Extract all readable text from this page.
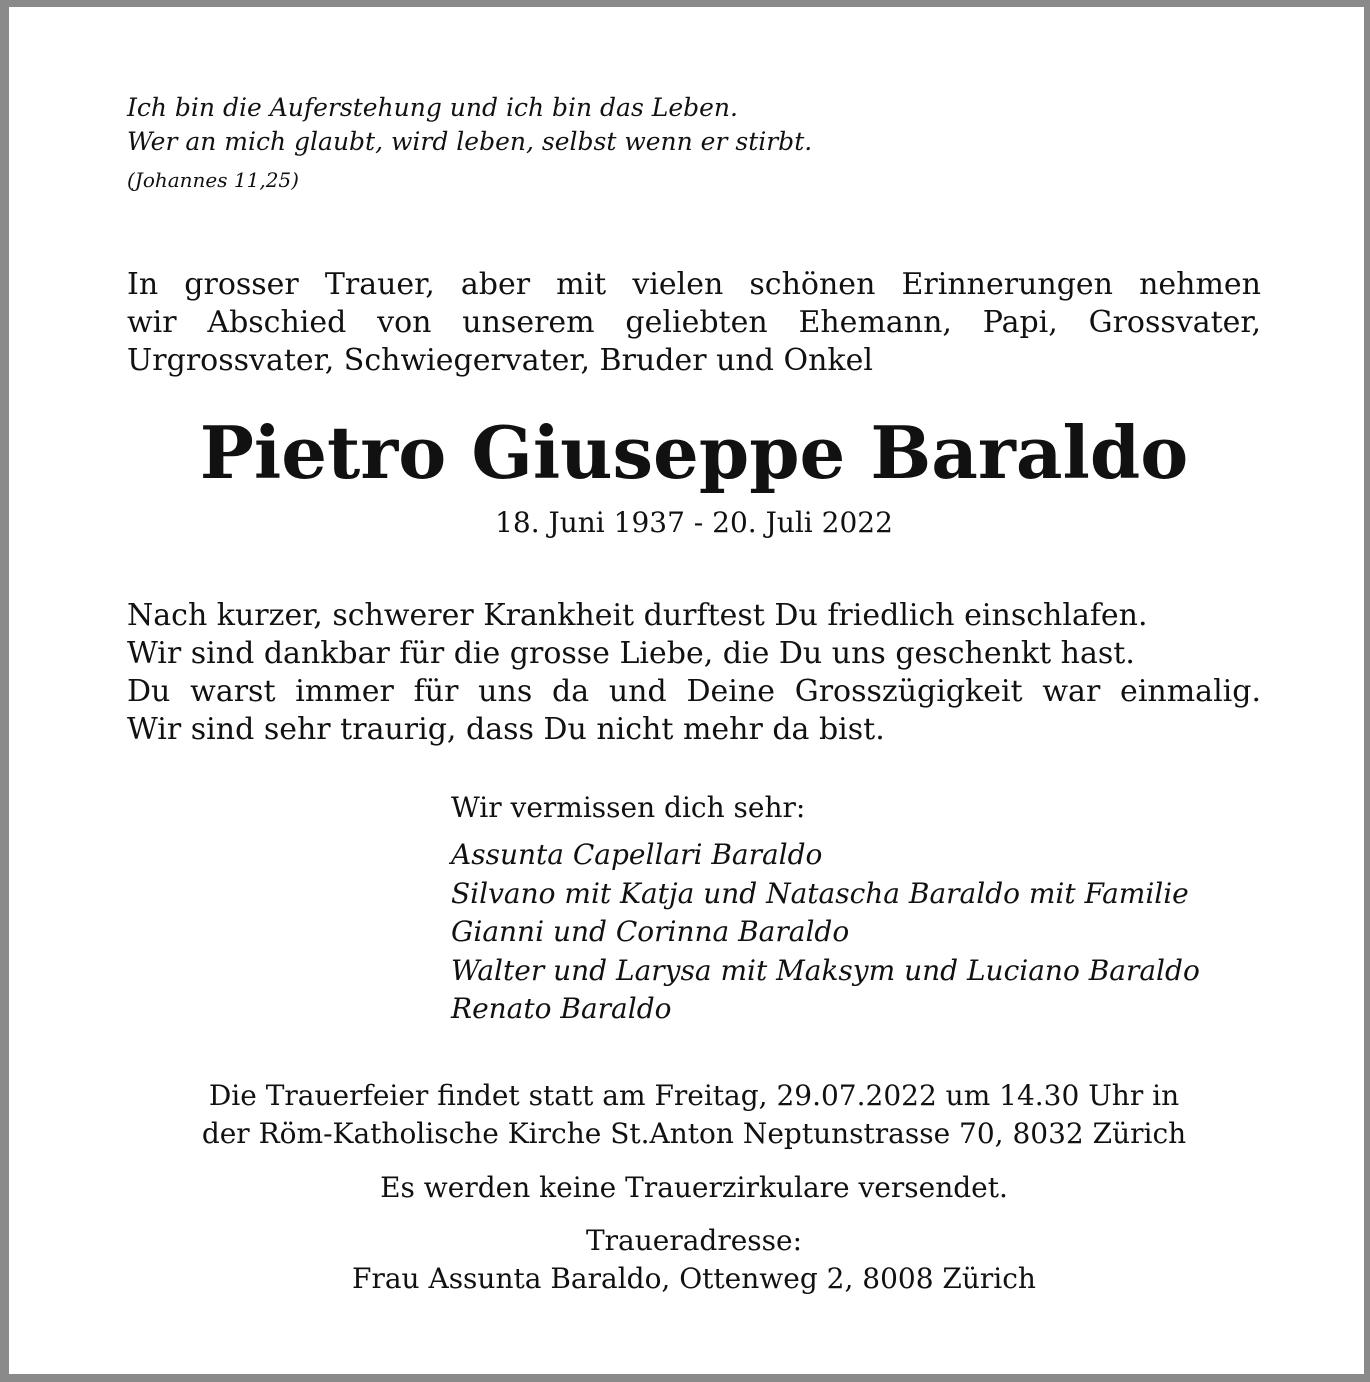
Ich bin die Auferstehung und ich bin das Leben.
Wer an mich glaubt, wird leben, selbst wenn er stirbt.
(Johannes 11,25)
In grosser Trauer, aber mit vielen schönen Erinnerungen nehmen
wir Abschied von unserem geliebten Ehemann, Papi, Grossvater,
Urgrossvater, Schwiegervater, Bruder und Onkel
Pietro Giuseppe Baraldo
18. Juni 1937 - 20. Juli 2022
Nach kurzer, schwerer Krankheit durftest Du friedlich einschlafen.
Wir sind dankbar für die grosse Liebe, die Du uns geschenkt hast.
Du warst immer für uns da und Deine Grosszügigkeit war einmalig.
Wir sind sehr traurig, dass Du nicht mehr da bist.
Wir vermissen dich sehr:
Assunta Capellari Baraldo
Silvano mit Katja und Natascha Baraldo mit Familie
Gianni und Corinna Baraldo
Walter und Larysa mit Maksym und Luciano Baraldo
Renato Baraldo
Die Trauerfeier findet statt am Freitag, 29.07.2022 um 14.30 Uhr in
der Röm-Katholische Kirche St.Anton Neptunstrasse 70, 8032 Zürich
Es werden keine Trauerzirkulare versendet.
Traueradresse:
Frau Assunta Baraldo, Ottenweg 2, 8008 Zürich
